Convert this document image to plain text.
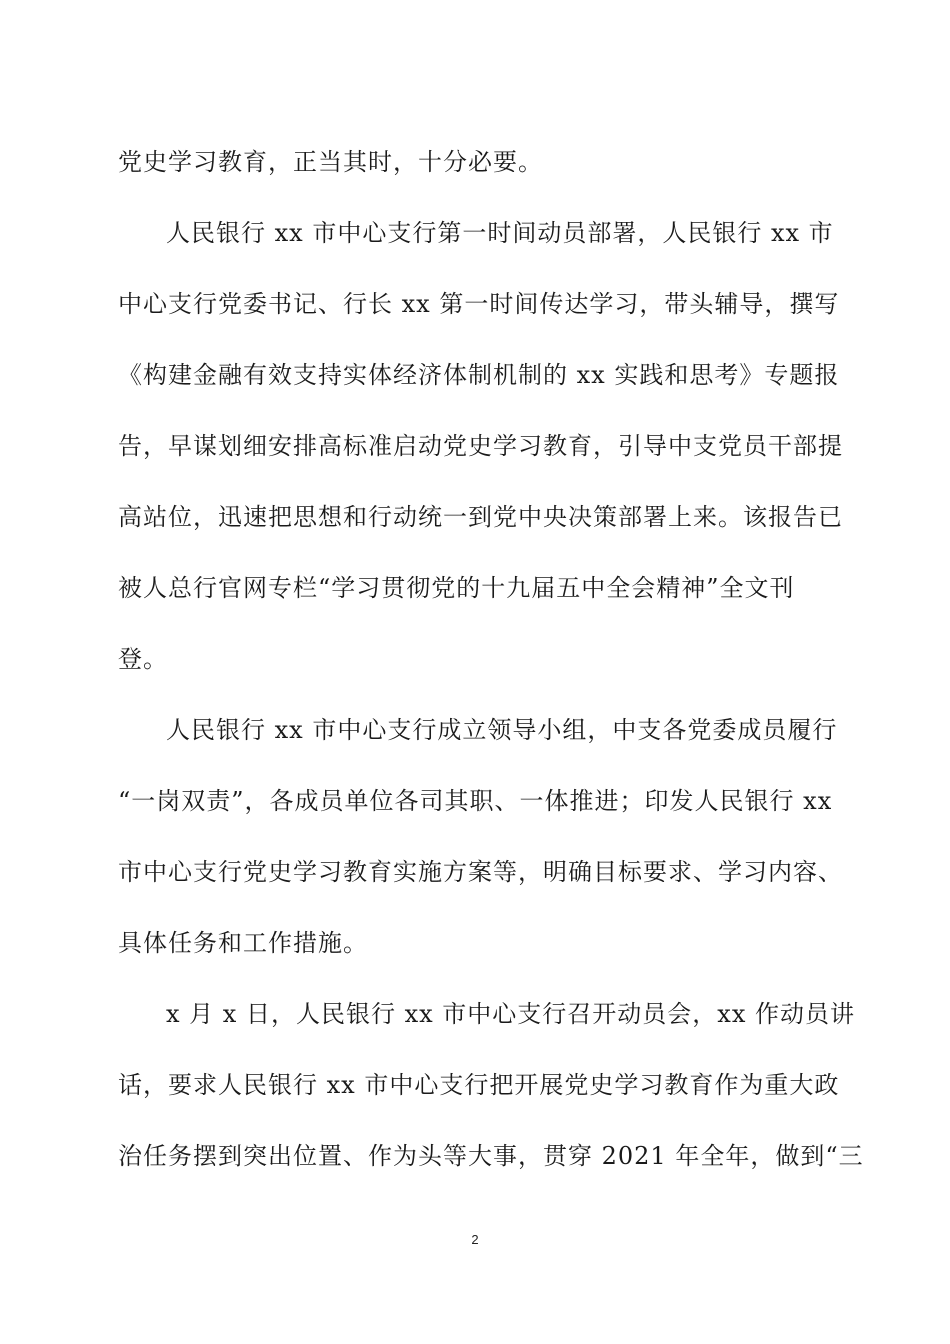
党史学习教育，正当其时，十分必要。
人民银行 xx 市中心支行第一时间动员部署，人民银行 xx 市
中心支行党委书记、行长 xx 第一时间传达学习，带头辅导，撰写
《构建金融有效支持实体经济体制机制的 xx 实践和思考》专题报
告，早谋划细安排高标准启动党史学习教育，引导中支党员干部提
高站位，迅速把思想和行动统一到党中央决策部署上来。该报告已
被人总行官网专栏“学习贯彻党的十九届五中全会精神”全文刊
登。
人民银行 xx 市中心支行成立领导小组，中支各党委成员履行
“一岗双责”，各成员单位各司其职、一体推进；印发人民银行 xx
市中心支行党史学习教育实施方案等，明确目标要求、学习内容、
具体任务和工作措施。
x 月 x 日，人民银行 xx 市中心支行召开动员会，xx 作动员讲
话，要求人民银行 xx 市中心支行把开展党史学习教育作为重大政
治任务摆到突出位置、作为头等大事，贯穿 2021 年全年，做到“三
2
